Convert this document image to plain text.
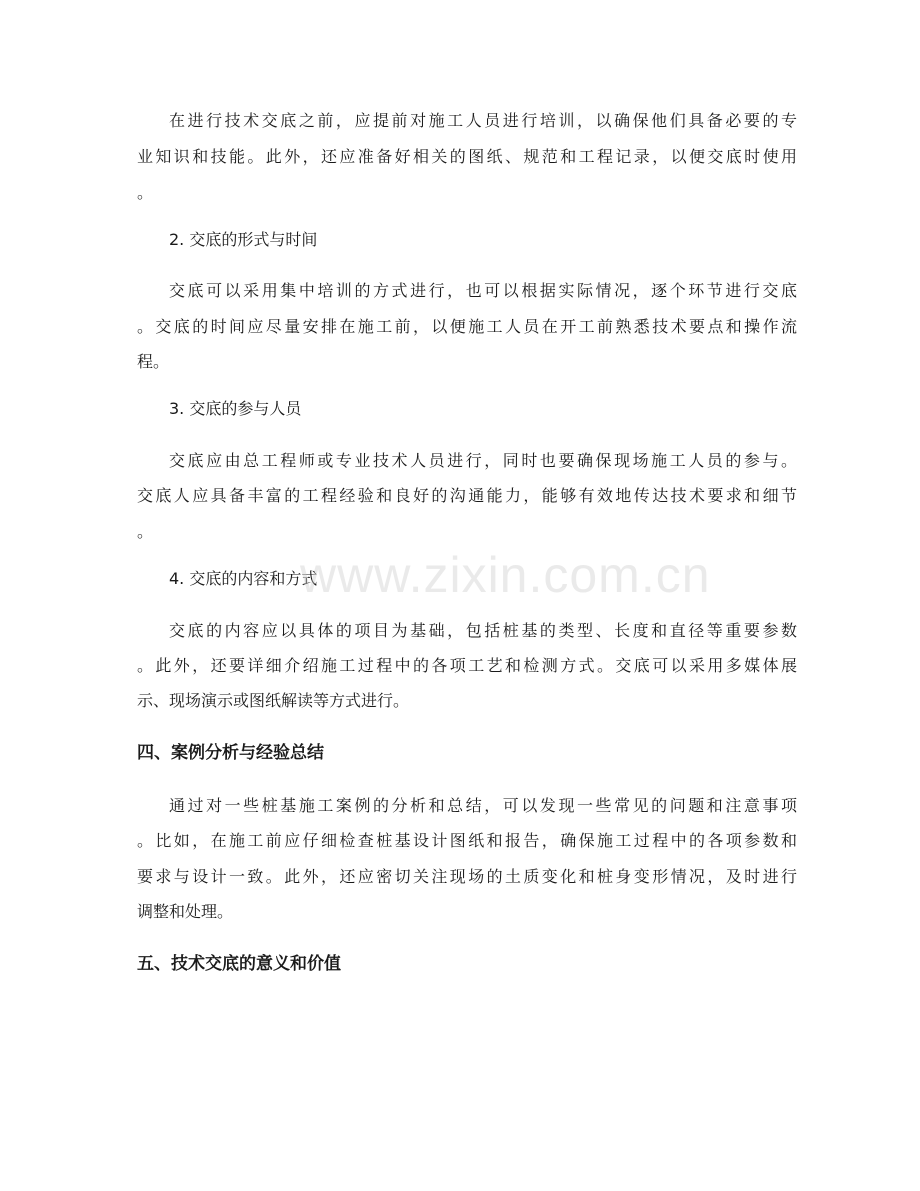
在进行技术交底之前，应提前对施工人员进行培训，以确保他们具备必要的专
业知识和技能。此外，还应准备好相关的图纸、规范和工程记录，以便交底时使用
。
2. 交底的形式与时间
交底可以采用集中培训的方式进行，也可以根据实际情况，逐个环节进行交底
。交底的时间应尽量安排在施工前，以便施工人员在开工前熟悉技术要点和操作流
程。
3. 交底的参与人员
交底应由总工程师或专业技术人员进行，同时也要确保现场施工人员的参与。
交底人应具备丰富的工程经验和良好的沟通能力，能够有效地传达技术要求和细节
。
4. 交底的内容和方式
交底的内容应以具体的项目为基础，包括桩基的类型、长度和直径等重要参数
。此外，还要详细介绍施工过程中的各项工艺和检测方式。交底可以采用多媒体展
示、现场演示或图纸解读等方式进行。
四、案例分析与经验总结
通过对一些桩基施工案例的分析和总结，可以发现一些常见的问题和注意事项
。比如，在施工前应仔细检查桩基设计图纸和报告，确保施工过程中的各项参数和
要求与设计一致。此外，还应密切关注现场的土质变化和桩身变形情况，及时进行
调整和处理。
五、技术交底的意义和价值
www.zixin.com.cn
